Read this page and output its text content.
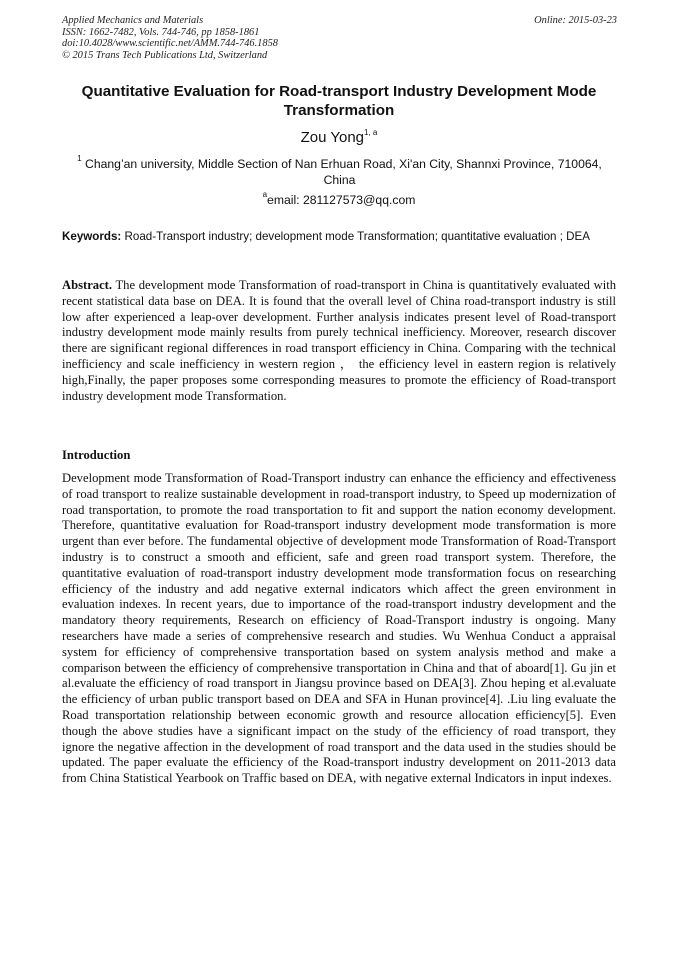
Applied Mechanics and Materials
ISSN: 1662-7482, Vols. 744-746, pp 1858-1861
doi:10.4028/www.scientific.net/AMM.744-746.1858
© 2015 Trans Tech Publications Ltd, Switzerland
Online: 2015-03-23
Quantitative Evaluation for Road-transport Industry Development Mode Transformation
Zou Yong$^{1, a}$
$^1$ Chang’an university, Middle Section of Nan Erhuan Road, Xi'an City, Shannxi Province, 710064, China
$^a$email: 281127573@qq.com
Keywords: Road-Transport industry; development mode Transformation; quantitative evaluation ; DEA
Abstract. The development mode Transformation of road-transport in China is quantitatively evaluated with recent statistical data base on DEA. It is found that the overall level of China road-transport industry is still low after experienced a leap-over development. Further analysis indicates present level of Road-transport industry development mode mainly results from purely technical inefficiency. Moreover, research discover there are significant regional differences in road transport efficiency in China. Comparing with the technical inefficiency and scale inefficiency in western region ， the efficiency level in eastern region is relatively high,Finally, the paper proposes some corresponding measures to promote the efficiency of Road-transport industry development mode Transformation.
Introduction
Development mode Transformation of Road-Transport industry can enhance the efficiency and effectiveness of road transport to realize sustainable development in road-transport industry, to Speed up modernization of road transportation, to promote the road transportation to fit and support the nation economy development. Therefore, quantitative evaluation for Road-transport industry development mode transformation is more urgent than ever before. The fundamental objective of development mode Transformation of Road-Transport industry is to construct a smooth and efficient, safe and green road transport system. Therefore, the quantitative evaluation of road-transport industry development mode transformation focus on researching efficiency of the industry and add negative external indicators which affect the green environment in evaluation indexes. In recent years, due to importance of the road-transport industry development and the mandatory theory requirements, Research on efficiency of Road-Transport industry is ongoing. Many researchers have made a series of comprehensive research and studies. Wu Wenhua Conduct a appraisal system for efficiency of comprehensive transportation based on system analysis method and make a comparison between the efficiency of comprehensive transportation in China and that of aboard[1]. Gu jin et al.evaluate the efficiency of road transport in Jiangsu province based on DEA[3]. Zhou heping et al.evaluate the efficiency of urban public transport based on DEA and SFA in Hunan province[4]. .Liu ling evaluate the Road transportation relationship between economic growth and resource allocation efficiency[5]. Even though the above studies have a significant impact on the study of the efficiency of road transport, they ignore the negative affection in the development of road transport and the data used in the studies should be updated. The paper evaluate the efficiency of the Road-transport industry development on 2011-2013 data from China Statistical Yearbook on Traffic based on DEA, with negative external Indicators in input indexes.
